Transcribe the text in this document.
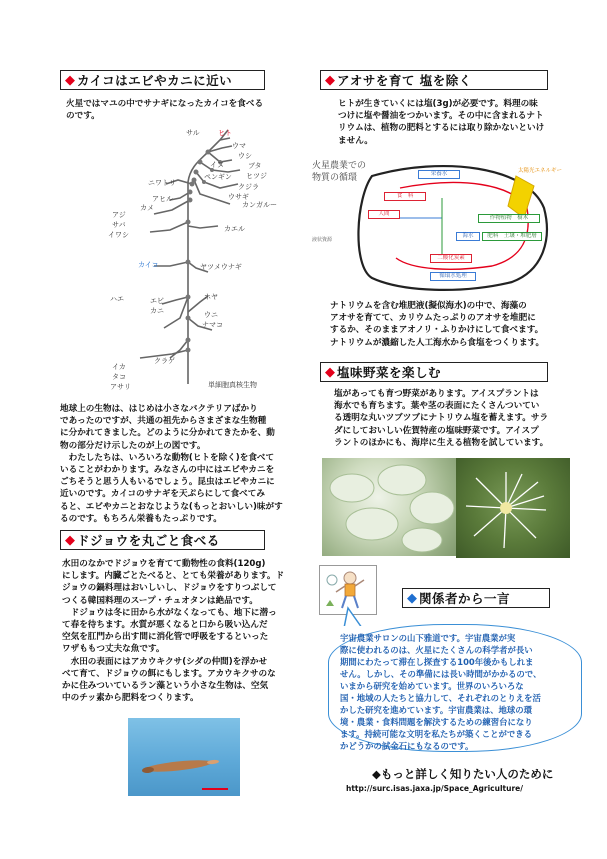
◆ カイコはエビやカニに近い
火星ではマユの中でサナギになったカイコを食べる
のです。
サル	ヒト
ウマ
ウシ
イヌ	ブタ
ヒツジ
ペンギン
ニワトリ	クジラ
ウサギ
アヒル
カメ	カンガルー
アジ
サバ
イワシ
カエル
カイコ	ヤツメウナギ
ハエ	エビ
カニ
ホヤ
ウニ
ナマコ
クラゲ
イカ
タコ
アサリ	単細胞真核生物
地球上の生物は、はじめは小さなバクテリアばかり
であったのですが、共通の祖先からさまざまな生物種
に分かれてきました。どのように分かれてきたかを、動
物の部分だけ示したのが上の図です。
　わたしたちは、いろいろな動物(ヒトを除く)を食べて
いることがわかります。みなさんの中にはエビやカニを
ごちそうと思う人もいるでしょう。昆虫はエビやカニに
近いのです。カイコのサナギを天ぷらにして食べてみ
ると、エビやカニとおなじような(もっとおいしい)味がす
るのです。もちろん栄養もたっぷりです。
◆ ドジョウを丸ごと食べる
水田のなかでドジョウを育てて動物性の食料(120g)
にします。内臓ごとたべると、とても栄養があります。ド
ジョウの鍋料理はおいしいし、ドジョウをすりつぶして
つくる韓国料理のスープ・チュオタンは絶品です。
　ドジョウは冬に田から水がなくなっても、地下に潜っ
て春を待ちます。水質が悪くなると口から吸い込んだ
空気を肛門から出す間に消化管で呼吸をするといった
ワザももつ丈夫な魚です。
　水田の表面にはアカウキクサ(シダの仲間)を浮かせ
べて育て、ドジョウの餌にもします。アカウキクサのな
かに住みついているラン藻という小さな生物は、空気
中のチッ素から肥料をつくります。
◆ アオサを育て 塩を除く
ヒトが生きていくには塩(3g)が必要です。料理の味
つけに塩や醤油をつかいます。その中に含まれるナト
リウムは、植物の肥料とするには取り除かないといけ
ません。
火星農業での
物質の循環
太陽光エネルギー
栄養水
食　料
人間
作物植物　樹木
海水	肥料　土壌・堆肥層
二酸化炭素
循環水処理
液状資源
ナトリウムを含む堆肥液(擬似海水)の中で、海藻の
アオサを育てて、カリウムたっぷりのアオサを堆肥に
するか、そのままアオノリ・ふりかけにして食べます。
ナトリウムが濃縮した人工海水から食塩をつくります。
◆ 塩味野菜を楽しむ
塩があっても育つ野菜があります。アイスプラントは
海水でも育ちます。葉や茎の表面にたくさんついてい
る透明な丸いツブツブにナトリウム塩を蓄えます。サラ
ダにしておいしい佐賀特産の塩味野菜です。アイスプ
ラントのほかにも、海岸に生える植物を試しています。
◆ 関係者から一言
宇宙農業サロンの山下雅道です。宇宙農業が実
際に使われるのは、火星にたくさんの科学者が長い
期間にわたって滞在し探査する100年後かもしれま
せん。しかし、その準備には長い時間がかかるので、
いまから研究を始めています。世界のいろいろな
国・地域の人たちと協力して、それぞれのとりえを活
かした研究を進めています。宇宙農業は、地球の環
境・農業・食料問題を解決するための練習台になり
ます。持続可能な文明を私たちが築くことができる
かどうかの試金石にもなるのです。
◆もっと詳しく知りたい人のために
http://surc.isas.jaxa.jp/Space_Agriculture/
